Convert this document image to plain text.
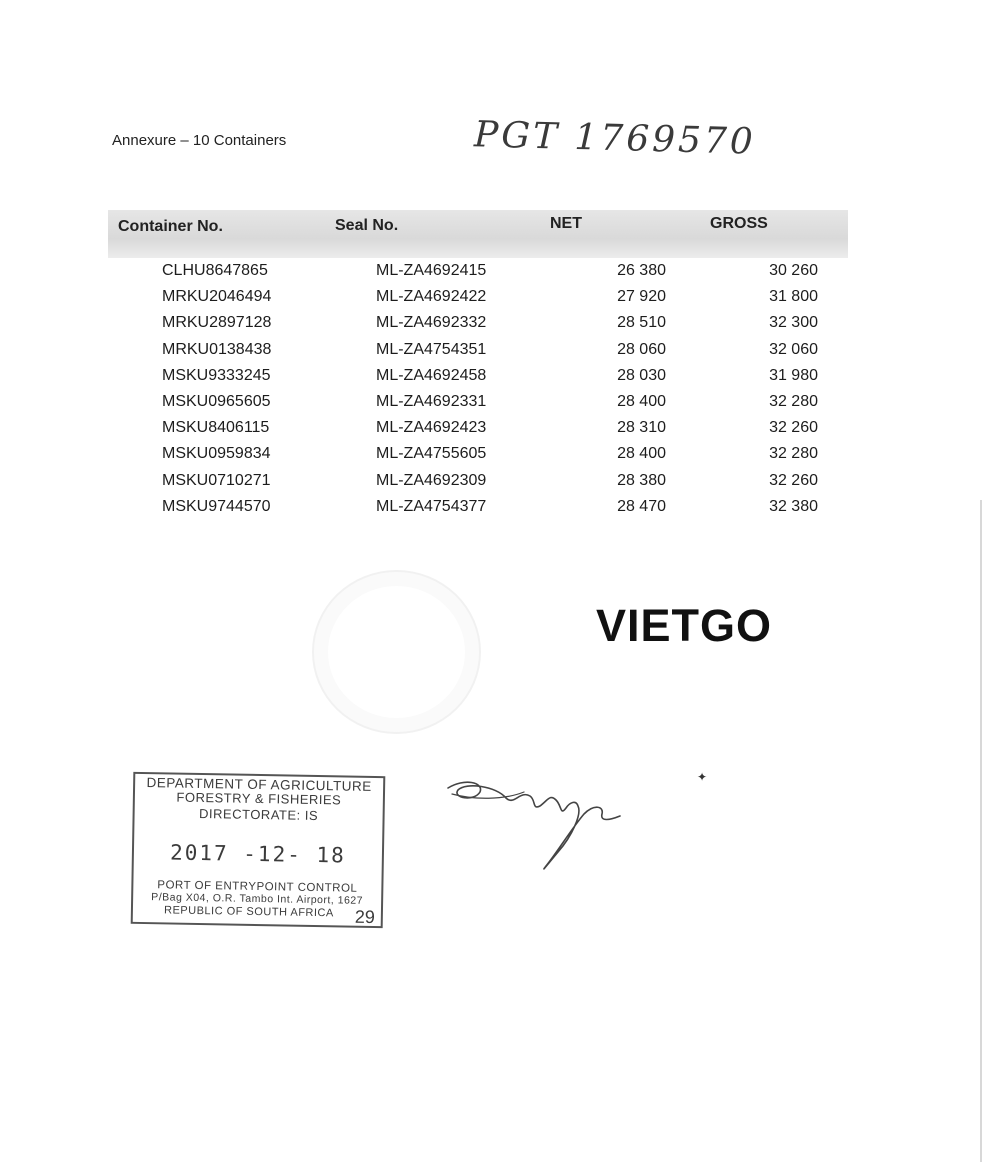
Annexure – 10 Containers	PGT 1769570
Container No.	Seal No.	NET	GROSS
CLHU8647865	ML-ZA4692415	26 380	30 260
MRKU2046494	ML-ZA4692422	27 920	31 800
MRKU2897128	ML-ZA4692332	28 510	32 300
MRKU0138438	ML-ZA4754351	28 060	32 060
MSKU9333245	ML-ZA4692458	28 030	31 980
MSKU0965605	ML-ZA4692331	28 400	32 280
MSKU8406115	ML-ZA4692423	28 310	32 260
MSKU0959834	ML-ZA4755605	28 400	32 280
MSKU0710271	ML-ZA4692309	28 380	32 260
MSKU9744570	ML-ZA4754377	28 470	32 380
VIETGO
DEPARTMENT OF AGRICULTURE
FORESTRY & FISHERIES
DIRECTORATE: IS
2017 -12- 18
PORT OF ENTRYPOINT CONTROL
P/Bag X04, O.R. Tambo Int. Airport, 1627
REPUBLIC OF SOUTH AFRICA	29
✦
